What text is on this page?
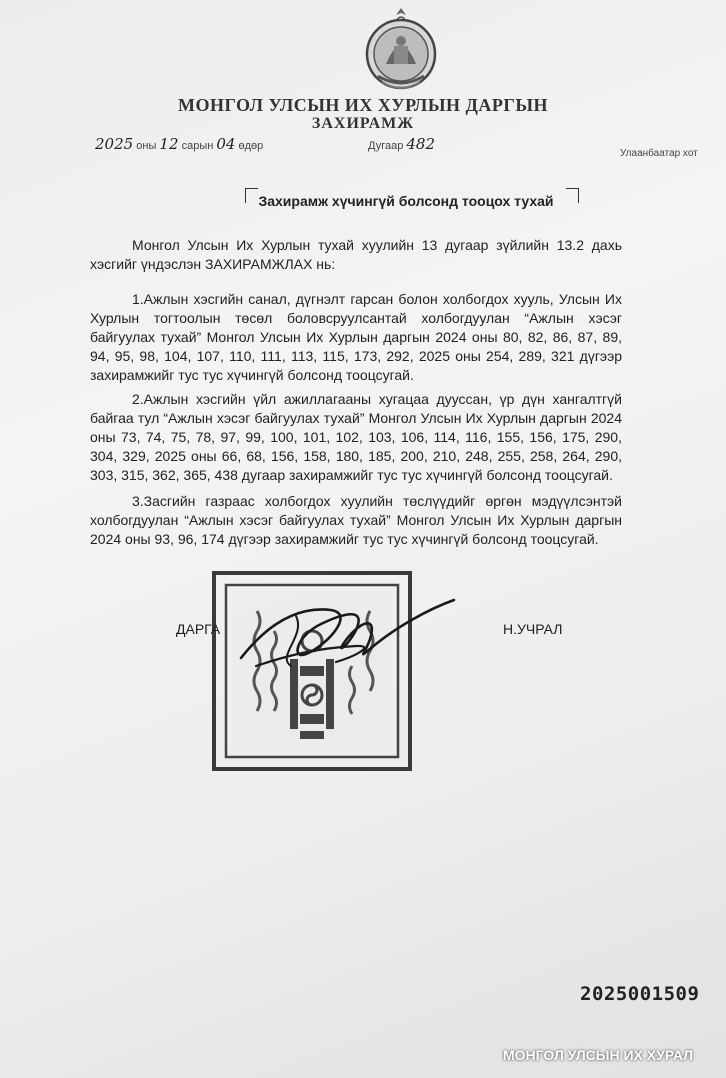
МОНГОЛ УЛСЫН ИХ ХУРЛЫН ДАРГЫН
ЗАХИРАМЖ
2025 оны 12 сарын 04 өдөр	Дугаар 482
Улаанбаатар хот
Захирамж хүчингүй болсонд тооцох тухай
Монгол Улсын Их Хурлын тухай хуулийн 13 дугаар зүйлийн 13.2 дахь хэсгийг үндэслэн ЗАХИРАМЖЛАХ нь:
1.Ажлын хэсгийн санал, дүгнэлт гарсан болон холбогдох хууль, Улсын Их Хурлын тогтоолын төсөл боловсруулсантай холбогдуулан “Ажлын хэсэг байгуулах тухай” Монгол Улсын Их Хурлын даргын 2024 оны 80, 82, 86, 87, 89, 94, 95, 98, 104, 107, 110, 111, 113, 115, 173, 292, 2025 оны 254, 289, 321 дүгээр захирамжийг тус тус хүчингүй болсонд тооцсугай.
2.Ажлын хэсгийн үйл ажиллагааны хугацаа дууссан, үр дүн хангалтгүй байгаа тул “Ажлын хэсэг байгуулах тухай” Монгол Улсын Их Хурлын даргын 2024 оны 73, 74, 75, 78, 97, 99, 100, 101, 102, 103, 106, 114, 116, 155, 156, 175, 290, 304, 329, 2025 оны 66, 68, 156, 158, 180, 185, 200, 210, 248, 255, 258, 264, 290, 303, 315, 362, 365, 438 дугаар захирамжийг тус тус хүчингүй болсонд тооцсугай.
3.Засгийн газраас холбогдох хуулийн төслүүдийг өргөн мэдүүлсэнтэй холбогдуулан “Ажлын хэсэг байгуулах тухай” Монгол Улсын Их Хурлын даргын 2024 оны 93, 96, 174 дүгээр захирамжийг тус тус хүчингүй болсонд тооцсугай.
ДАРГА	Н.УЧРАЛ
2025001509
МОНГОЛ УЛСЫН ИХ ХУРАЛ
